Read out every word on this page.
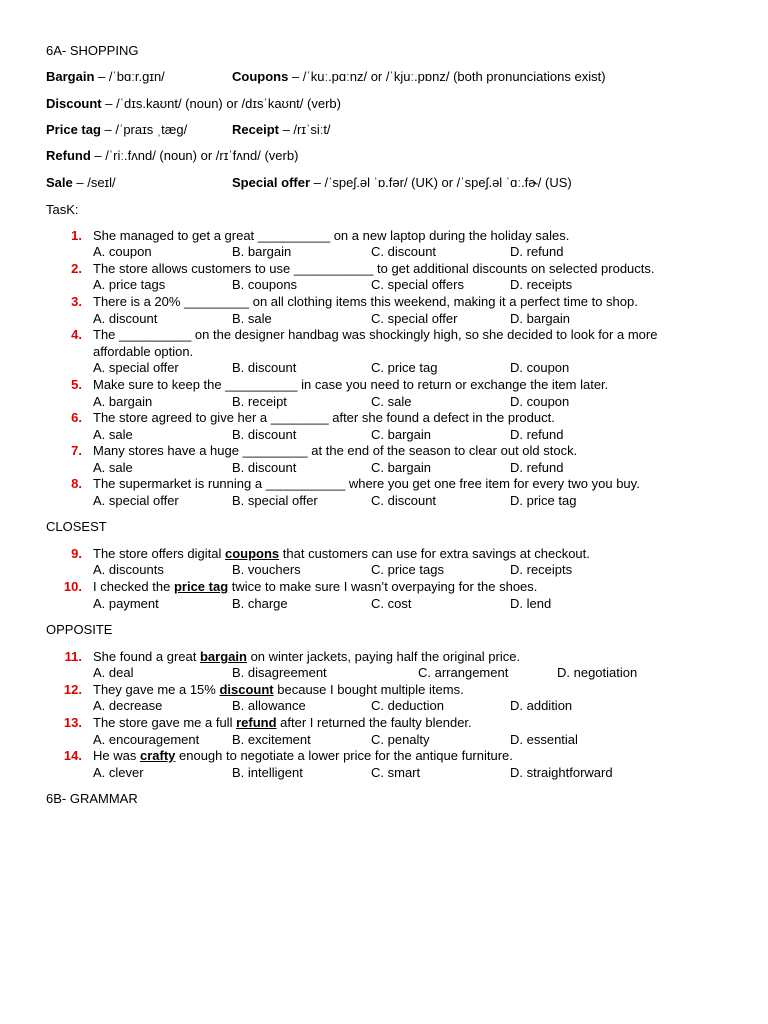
6A- SHOPPING
Bargain – /ˈbɑːr.ɡɪn/	Coupons – /ˈkuː.pɑːnz/ or /ˈkjuː.pɒnz/ (both pronunciations exist)
Discount – /ˈdɪs.kaʊnt/ (noun) or /dɪsˈkaʊnt/ (verb)
Price tag – /ˈpraɪs ˌtæɡ/	Receipt – /rɪˈsiːt/
Refund – /ˈriː.fʌnd/ (noun) or /rɪˈfʌnd/ (verb)
Sale – /seɪl/	Special offer – /ˈspeʃ.əl ˈɒ.fər/ (UK) or /ˈspeʃ.əl ˈɑː.fɚ/ (US)
TasK:
1. She managed to get a great __________ on a new laptop during the holiday sales.
A. coupon	B. bargain	C. discount	D. refund
2. The store allows customers to use ___________ to get additional discounts on selected products.
A. price tags	B. coupons	C. special offers	D. receipts
3. There is a 20% _________ on all clothing items this weekend, making it a perfect time to shop.
A. discount	B. sale	C. special offer	D. bargain
4. The __________ on the designer handbag was shockingly high, so she decided to look for a more
affordable option.
A. special offer	B. discount	C. price tag	D. coupon
5. Make sure to keep the __________ in case you need to return or exchange the item later.
A. bargain	B. receipt	C. sale	D. coupon
6. The store agreed to give her a ________ after she found a defect in the product.
A. sale	B. discount	C. bargain	D. refund
7. Many stores have a huge _________ at the end of the season to clear out old stock.
A. sale	B. discount	C. bargain	D. refund
8. The supermarket is running a ___________ where you get one free item for every two you buy.
A. special offer	B. special offer	C. discount	D. price tag
CLOSEST
9. The store offers digital coupons that customers can use for extra savings at checkout.
A. discounts	B. vouchers	C. price tags	D. receipts
10. I checked the price tag twice to make sure I wasn’t overpaying for the shoes.
A. payment	B. charge	C. cost	D. lend
OPPOSITE
11. She found a great bargain on winter jackets, paying half the original price.
A. deal	B. disagreement	C. arrangement	D. negotiation
12. They gave me a 15% discount because I bought multiple items.
A. decrease	B. allowance	C. deduction	D. addition
13. The store gave me a full refund after I returned the faulty blender.
A. encouragement	B. excitement	C. penalty	D. essential
14. He was crafty enough to negotiate a lower price for the antique furniture.
A. clever	B. intelligent	C. smart	D. straightforward
6B- GRAMMAR
